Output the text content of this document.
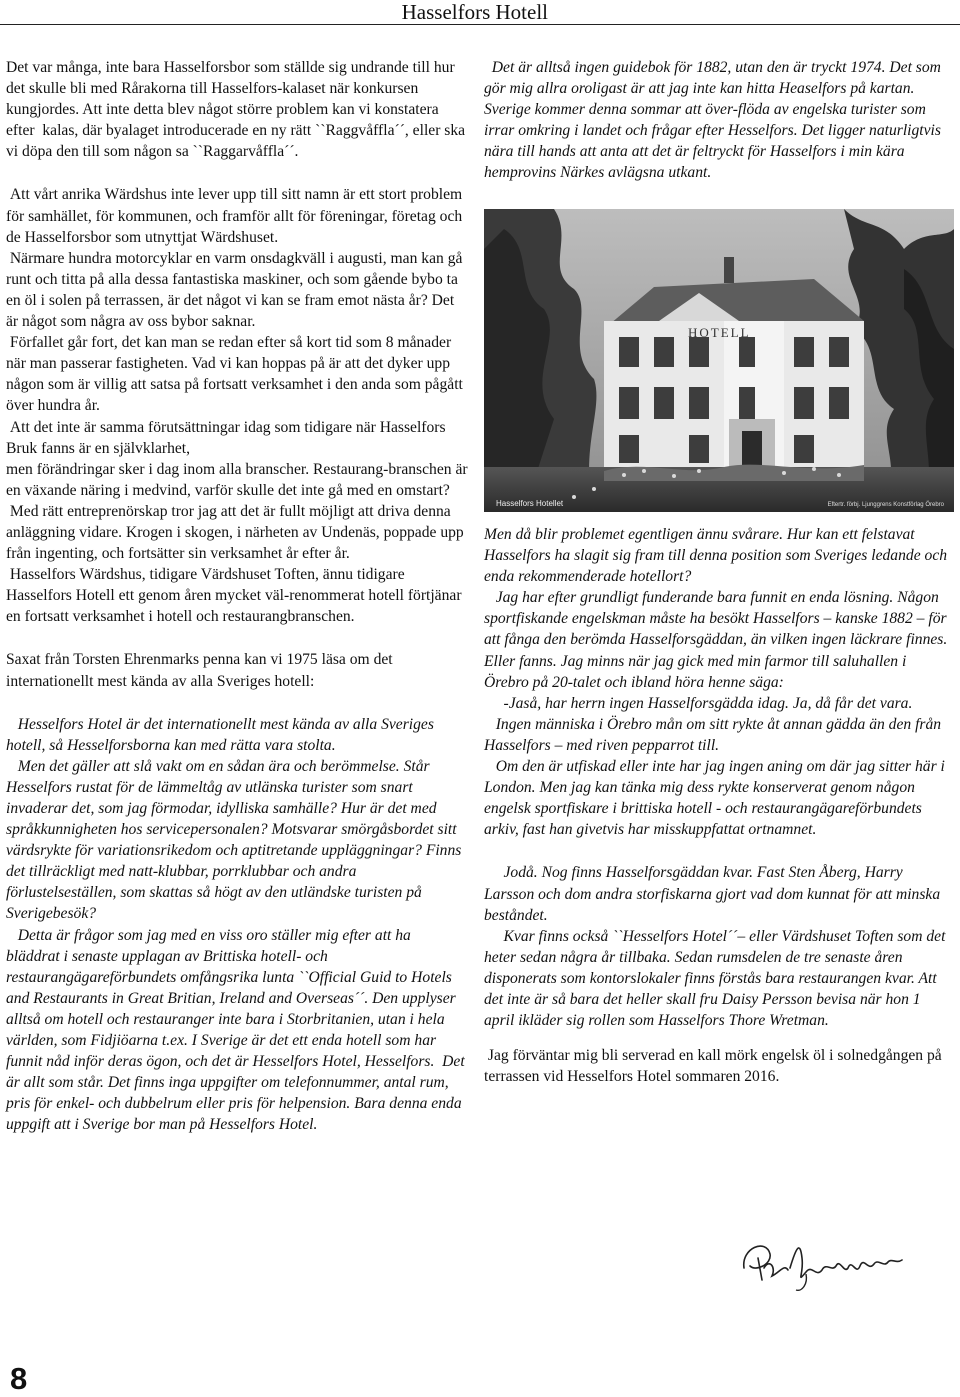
Hasselfors Hotell

Det var många, inte bara Hasselforsbor som ställde sig undrande till hur det skulle bli med Rårakorna till Hasselfors-kalaset när konkursen kungjordes. Att inte detta blev något större problem kan vi konstatera efter  kalas, där byalaget introducerade en ny rätt ``Raggvåffla´´, eller ska vi döpa den till som någon sa ``Raggarvåffla´´.

Att vårt anrika Wärdshus inte lever upp till sitt namn är ett stort problem för samhället, för kommunen, och framför allt för föreningar, företag och de Hasselforsbor som utnyttjat Wärdshuset.

Närmare hundra motorcyklar en varm onsdagkväll i augusti, man kan gå runt och titta på alla dessa fantastiska maskiner, och som gående bybo ta en öl i solen på terrassen, är det något vi kan se fram emot nästa år? Det är något som några av oss bybor saknar.

Förfallet går fort, det kan man se redan efter så kort tid som 8 månader när man passerar fastigheten. Vad vi kan hoppas på är att det dyker upp någon som är villig att satsa på fortsatt verksamhet i den anda som pågått över hundra år.

Att det inte är samma förutsättningar idag som tidigare när Hasselfors Bruk fanns är en självklarhet,
men förändringar sker i dag inom alla branscher. Restaurang-branschen är en växande näring i medvind, varför skulle det inte gå med en omstart?

Med rätt entreprenörskap tror jag att det är fullt möjligt att driva denna anläggning vidare. Krogen i skogen, i närheten av Undenäs, poppade upp från ingenting, och fortsätter sin verksamhet år efter år.

Hasselfors Wärdshus, tidigare Värdshuset Toften, ännu tidigare Hasselfors Hotell ett genom åren mycket väl-renommerat hotell förtjänar en fortsatt verksamhet i hotell och restaurangbranschen.

Saxat från Torsten Ehrenmarks penna kan vi 1975 läsa om det internationellt mest kända av alla Sveriges hotell:

Hesselfors Hotel är det internationellt mest kända av alla Sveriges hotell, så Hesselforsborna kan med rätta vara stolta.
Men det gäller att slå vakt om en sådan ära och berömmelse. Står Hesselfors rustat för de lämmeltåg av utlänska turister som snart invaderar det, som jag förmodar, idylliska samhälle? Hur är det med språkkunnigheten hos servicepersonalen? Motsvarar smörgåsbordet sitt värdsrykte för variationsrikedom och aptitretande uppläggningar? Finns det tillräckligt med natt-klubbar, porrklubbar och andra förlustelseställen, som skattas så högt av den utländske turisten på Sverigebesök?
Detta är frågor som jag med en viss oro ställer mig efter att ha bläddrat i senaste upplagan av Brittiska hotell- och restaurangägareförbundets omfångsrika lunta ``Official Guid to Hotels and Restaurants in Great Britian, Ireland and Overseas´´. Den upplyser alltså om hotell och restauranger inte bara i Storbritanien, utan i hela världen, som Fidjiöarna t.ex. I Sverige är det ett enda hotell som har funnit nåd inför deras ögon, och det är Hesselfors Hotel, Hesselfors.  Det är allt som står. Det finns inga uppgifter om telefonnummer, antal rum, pris för enkel- och dubbelrum eller pris för helpension. Bara denna enda uppgift att i Sverige bor man på Hesselfors Hotel.

Det är alltså ingen guidebok för 1882, utan den är tryckt 1974. Det som gör mig allra oroligast är att jag inte kan hitta Heaselfors på kartan. Sverige kommer denna sommar att över-flöda av engelska turister som irrar omkring i landet och frågar efter Hesselfors. Det ligger naturligtvis nära till hands att anta att det är feltryckt för Hasselfors i min kära hemprovins Närkes avlägsna utkant.

HOTELL
Hasselfors Hotellet	Eftertr. förbj. Ljunggrens Konstförlag Örebro

Men då blir problemet egentligen ännu svårare. Hur kan ett felstavat Hasselfors ha slagit sig fram till denna position som Sveriges ledande och enda rekommenderade hotellort?
Jag har efter grundligt funderande bara funnit en enda lösning. Någon sportfiskande engelskman måste ha besökt Hasselfors – kanske 1882 – för att fånga den berömda Hasselforsgäddan, än vilken ingen läckrare finnes.  Eller fanns. Jag minns när jag gick med min farmor till saluhallen i Örebro på 20-talet och ibland höra henne säga:
-Jaså, har herrn ingen Hasselforsgädda idag. Ja, då får det vara.
Ingen människa i Örebro mån om sitt rykte åt annan gädda än den från Hasselfors – med riven pepparrot till.
Om den är utfiskad eller inte har jag ingen aning om där jag sitter här i London. Men jag kan tänka mig dess rykte konserverat genom någon engelsk sportfiskare i brittiska hotell - och restaurangägareförbundets arkiv, fast han givetvis har misskuppfattat ortnamnet.

Jodå. Nog finns Hasselforsgäddan kvar. Fast Sten Åberg, Harry Larsson och dom andra storfiskarna gjort vad dom kunnat för att minska beståndet.
Kvar finns också ``Hesselfors Hotel´´– eller Värdshuset Toften som det heter sedan några år tillbaka. Sedan rumsdelen de tre senaste åren disponerats som kontorslokaler finns förstås bara restaurangen kvar. Att det inte är så bara det heller skall fru Daisy Persson bevisa när hon 1 april ikläder sig rollen som Hasselfors Thore Wretman.

Jag förväntar mig bli serverad en kall mörk engelsk öl i solnedgången på terrassen vid Hesselfors Hotel sommaren 2016.

8
